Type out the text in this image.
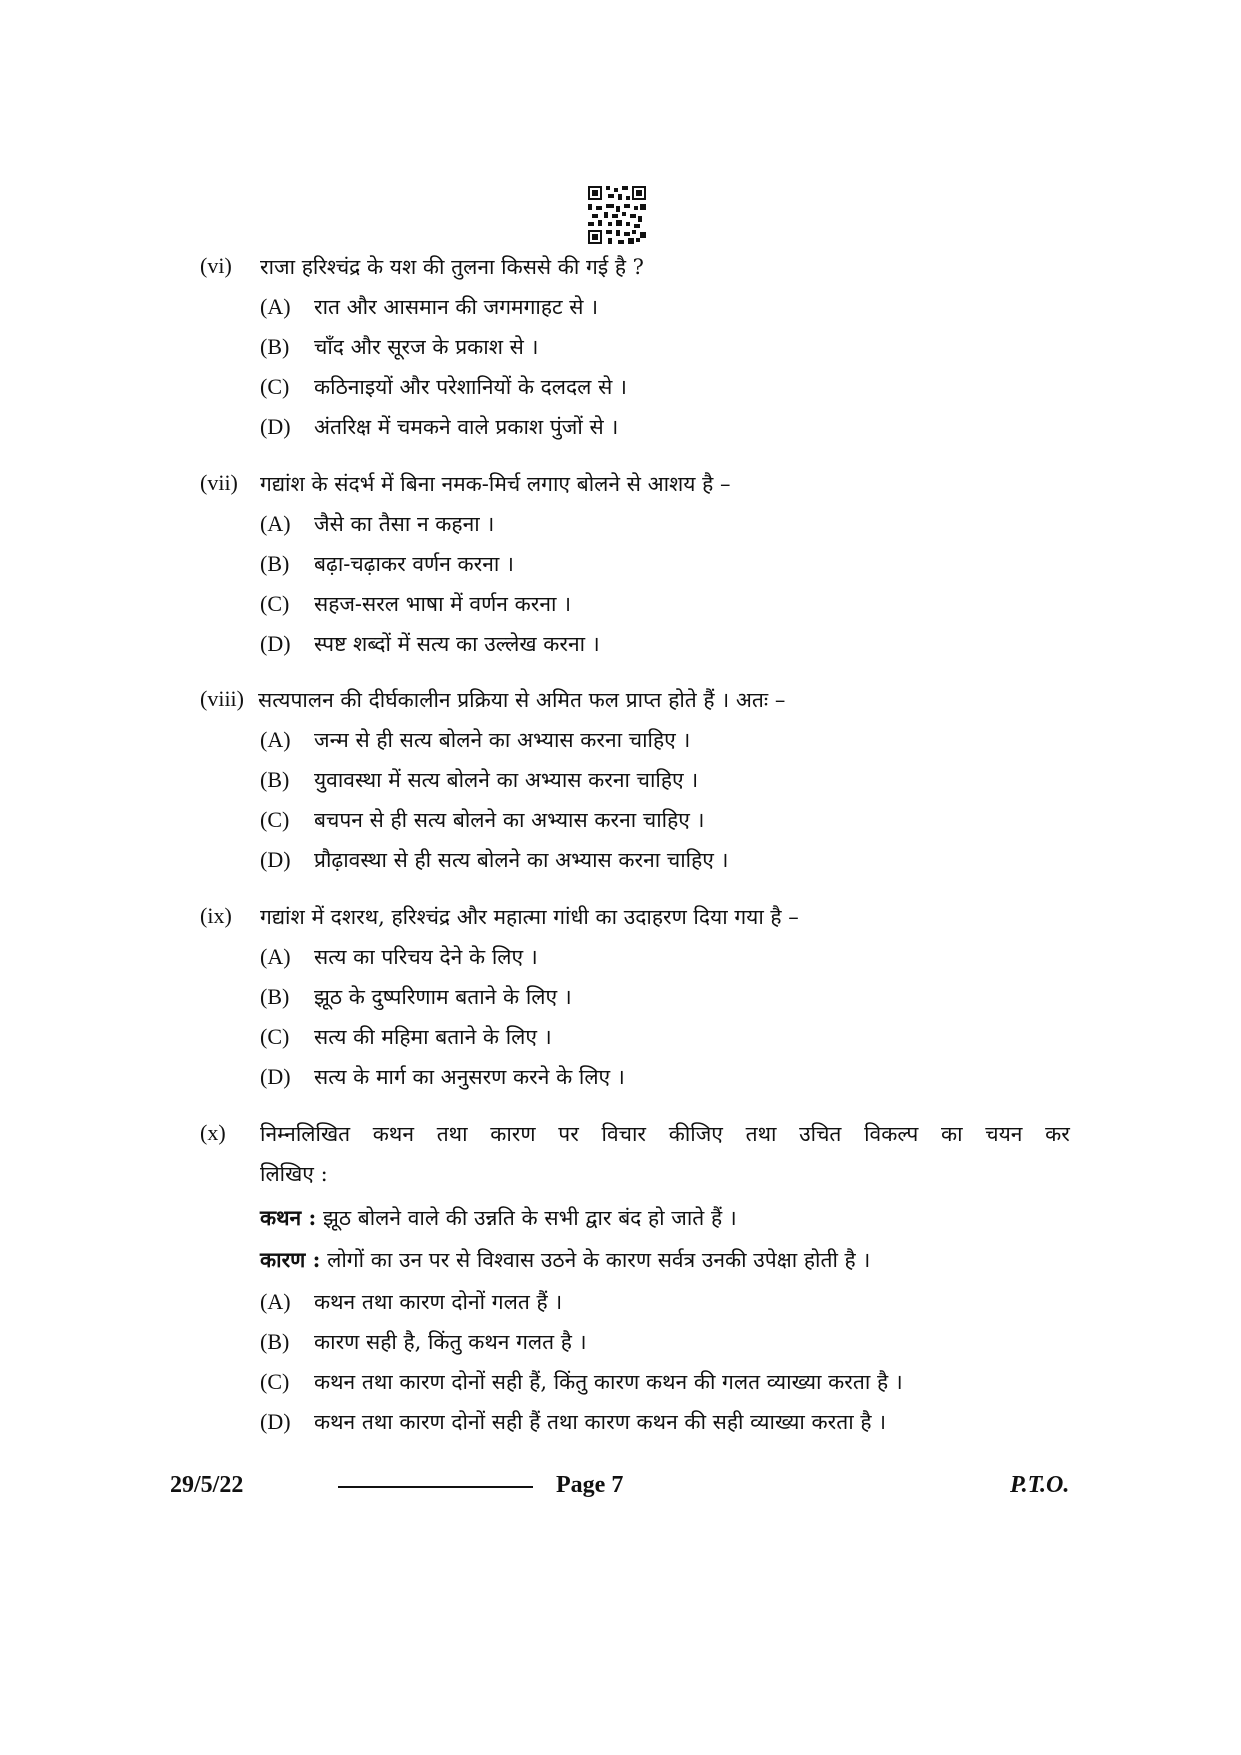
(vi) राजा हरिश्चंद्र के यश की तुलना किससे की गई है ?
(A) रात और आसमान की जगमगाहट से ।
(B) चाँद और सूरज के प्रकाश से ।
(C) कठिनाइयों और परेशानियों के दलदल से ।
(D) अंतरिक्ष में चमकने वाले प्रकाश पुंजों से ।
(vii) गद्यांश के संदर्भ में बिना नमक-मिर्च लगाए बोलने से आशय है –
(A) जैसे का तैसा न कहना ।
(B) बढ़ा-चढ़ाकर वर्णन करना ।
(C) सहज-सरल भाषा में वर्णन करना ।
(D) स्पष्ट शब्दों में सत्य का उल्लेख करना ।
(viii) सत्यपालन की दीर्घकालीन प्रक्रिया से अमित फल प्राप्त होते हैं । अतः –
(A) जन्म से ही सत्य बोलने का अभ्यास करना चाहिए ।
(B) युवावस्था में सत्य बोलने का अभ्यास करना चाहिए ।
(C) बचपन से ही सत्य बोलने का अभ्यास करना चाहिए ।
(D) प्रौढ़ावस्था से ही सत्य बोलने का अभ्यास करना चाहिए ।
(ix) गद्यांश में दशरथ, हरिश्चंद्र और महात्मा गांधी का उदाहरण दिया गया है –
(A) सत्य का परिचय देने के लिए ।
(B) झूठ के दुष्परिणाम बताने के लिए ।
(C) सत्य की महिमा बताने के लिए ।
(D) सत्य के मार्ग का अनुसरण करने के लिए ।
(x) निम्नलिखित कथन तथा कारण पर विचार कीजिए तथा उचित विकल्प का चयन कर
लिखिए :
कथन : झूठ बोलने वाले की उन्नति के सभी द्वार बंद हो जाते हैं ।
कारण : लोगों का उन पर से विश्वास उठने के कारण सर्वत्र उनकी उपेक्षा होती है ।
(A) कथन तथा कारण दोनों गलत हैं ।
(B) कारण सही है, किंतु कथन गलत है ।
(C) कथन तथा कारण दोनों सही हैं, किंतु कारण कथन की गलत व्याख्या करता है ।
(D) कथन तथा कारण दोनों सही हैं तथा कारण कथन की सही व्याख्या करता है ।
29/5/22	Page 7	P.T.O.
